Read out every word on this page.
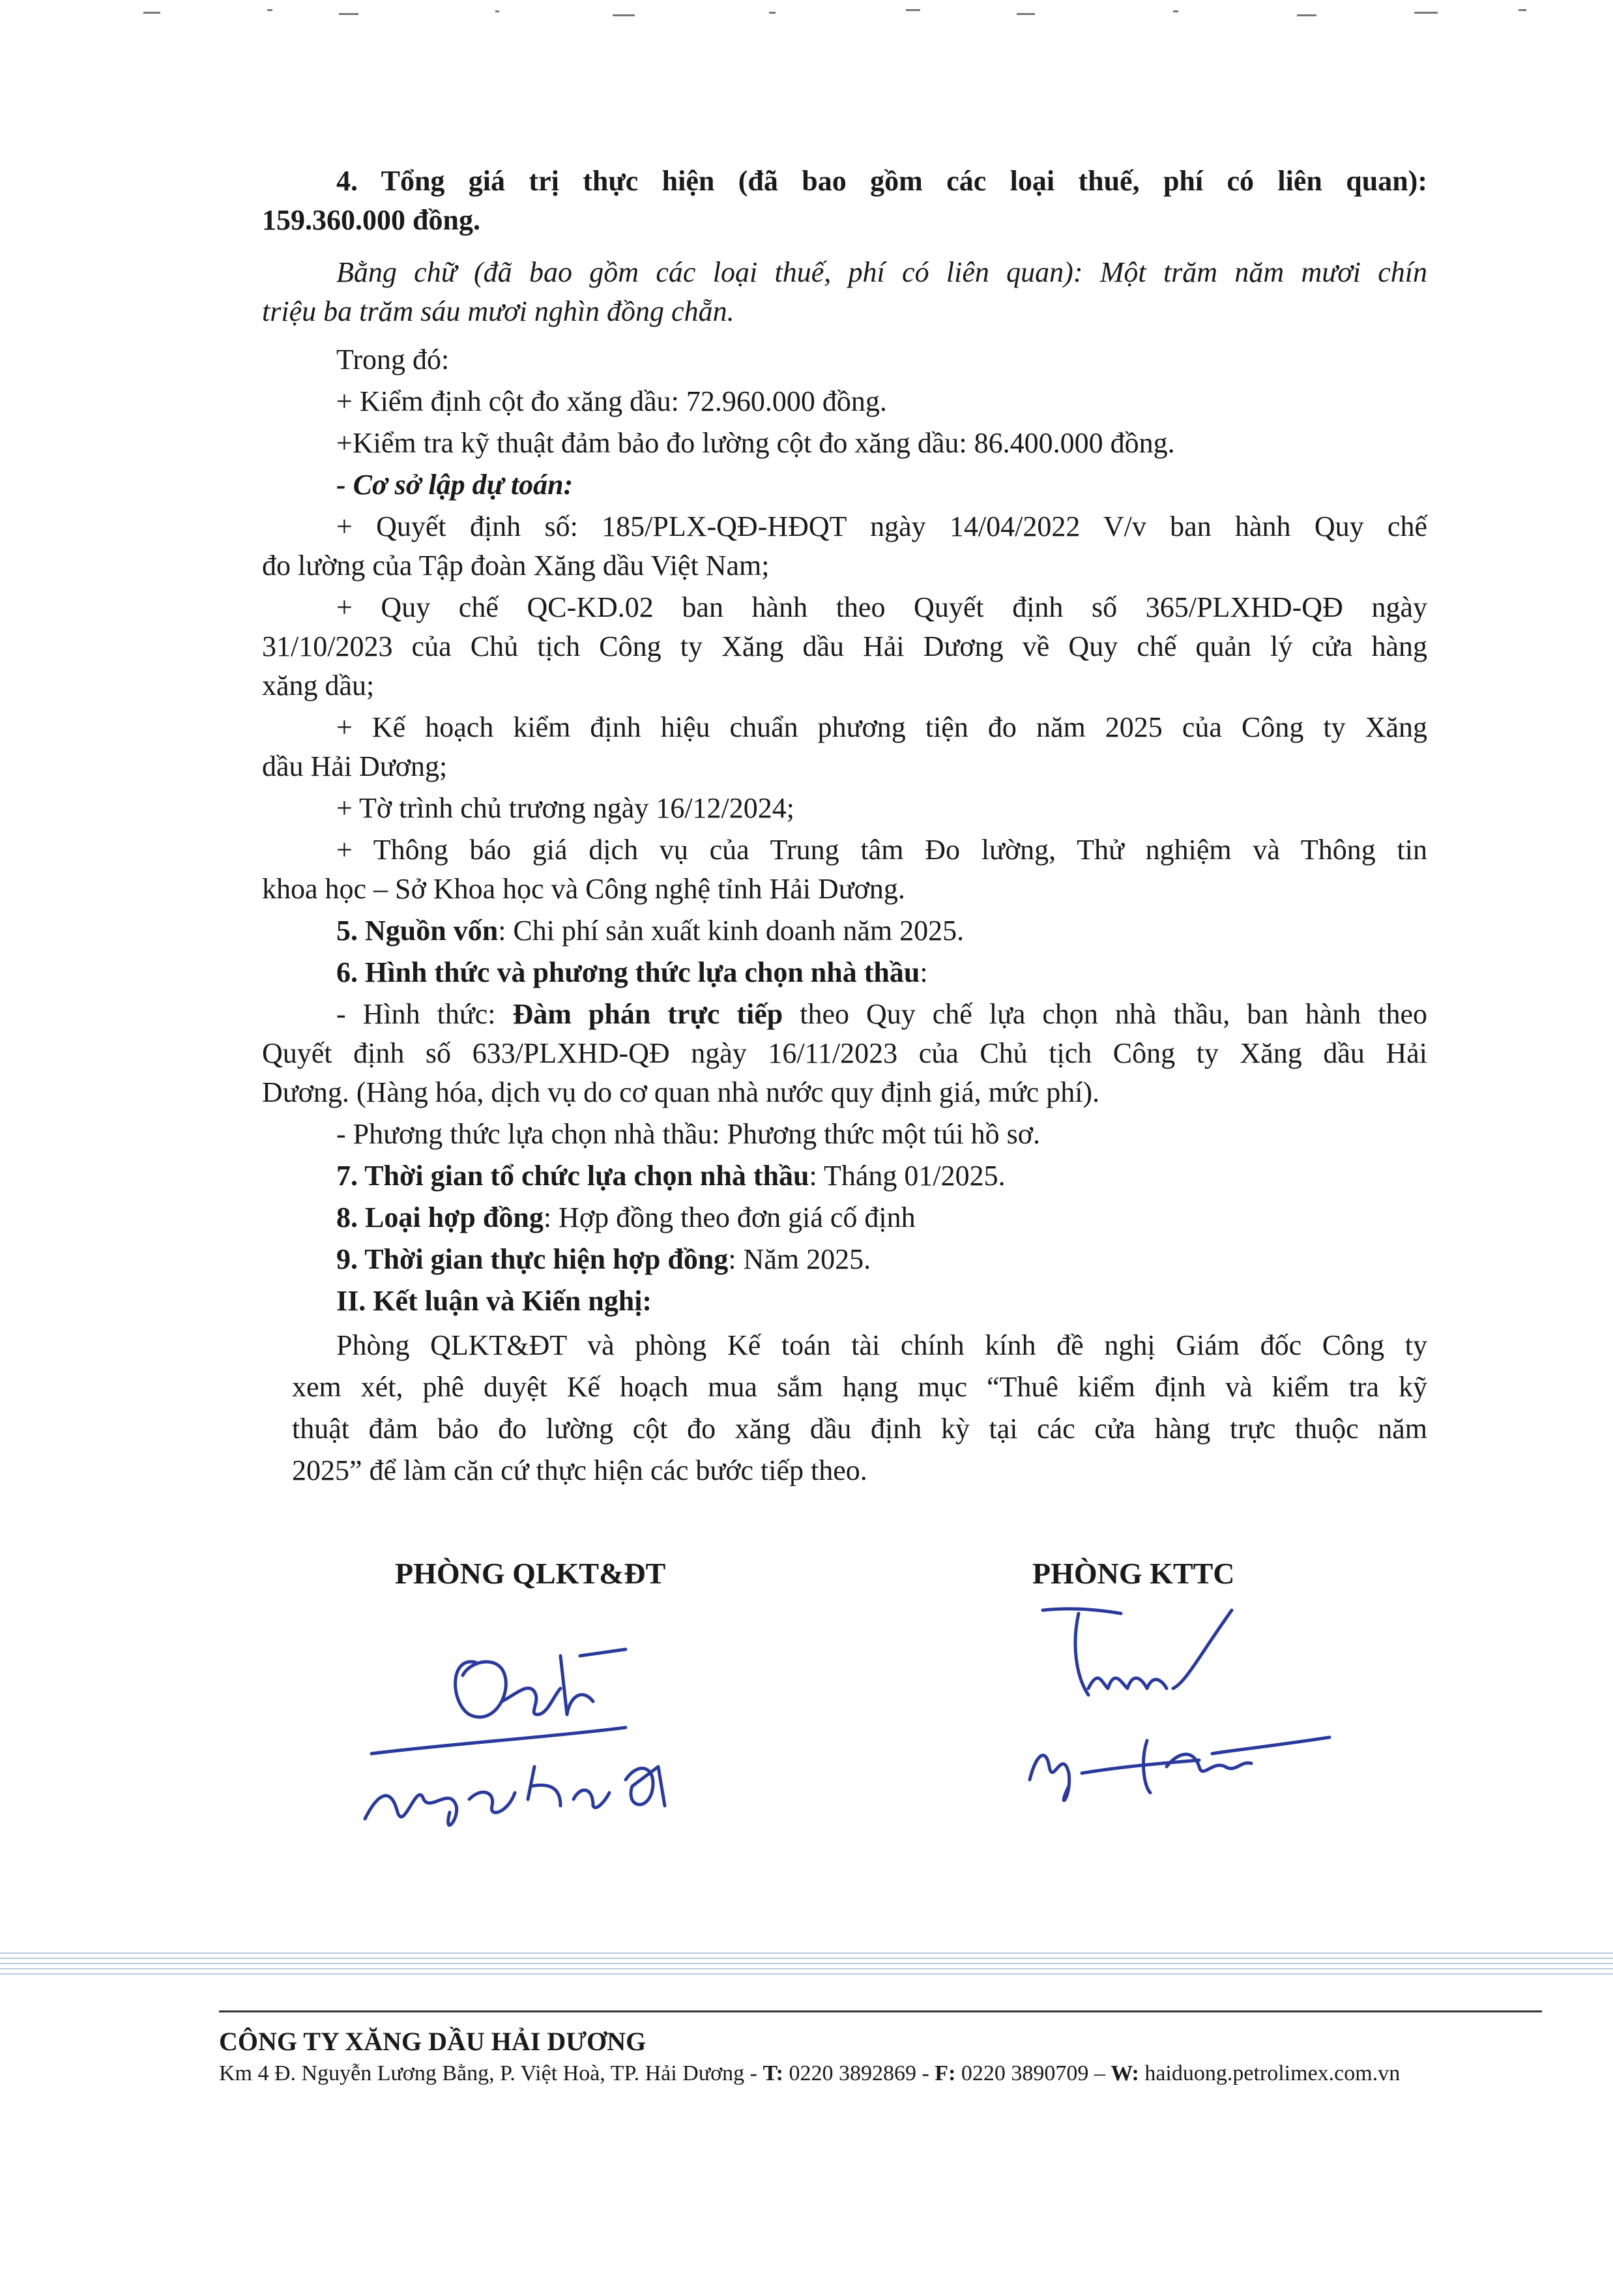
4. Tổng giá trị thực hiện (đã bao gồm các loại thuế, phí có liên quan):
159.360.000 đồng.
Bằng chữ (đã bao gồm các loại thuế, phí có liên quan): Một trăm năm mươi chín
triệu ba trăm sáu mươi nghìn đồng chẵn.
Trong đó:
+ Kiểm định cột đo xăng dầu: 72.960.000 đồng.
+Kiểm tra kỹ thuật đảm bảo đo lường cột đo xăng dầu: 86.400.000 đồng.
- Cơ sở lập dự toán:
+ Quyết định số: 185/PLX-QĐ-HĐQT ngày 14/04/2022 V/v ban hành Quy chế
đo lường của Tập đoàn Xăng dầu Việt Nam;
+ Quy chế QC-KD.02 ban hành theo Quyết định số 365/PLXHD-QĐ ngày
31/10/2023 của Chủ tịch Công ty Xăng dầu Hải Dương về Quy chế quản lý cửa hàng
xăng dầu;
+ Kế hoạch kiểm định hiệu chuẩn phương tiện đo năm 2025 của Công ty Xăng
dầu Hải Dương;
+ Tờ trình chủ trương ngày 16/12/2024;
+ Thông báo giá dịch vụ của Trung tâm Đo lường, Thử nghiệm và Thông tin
khoa học – Sở Khoa học và Công nghệ tỉnh Hải Dương.
5. Nguồn vốn: Chi phí sản xuất kinh doanh năm 2025.
6. Hình thức và phương thức lựa chọn nhà thầu:
- Hình thức: Đàm phán trực tiếp theo Quy chế lựa chọn nhà thầu, ban hành theo
Quyết định số 633/PLXHD-QĐ ngày 16/11/2023 của Chủ tịch Công ty Xăng dầu Hải
Dương. (Hàng hóa, dịch vụ do cơ quan nhà nước quy định giá, mức phí).
- Phương thức lựa chọn nhà thầu: Phương thức một túi hồ sơ.
7. Thời gian tổ chức lựa chọn nhà thầu: Tháng 01/2025.
8. Loại hợp đồng: Hợp đồng theo đơn giá cố định
9. Thời gian thực hiện hợp đồng: Năm 2025.
II. Kết luận và Kiến nghị:
Phòng QLKT&ĐT và phòng Kế toán tài chính kính đề nghị Giám đốc Công ty
xem xét, phê duyệt Kế hoạch mua sắm hạng mục “Thuê kiểm định và kiểm tra kỹ
thuật đảm bảo đo lường cột đo xăng dầu định kỳ tại các cửa hàng trực thuộc năm
2025” để làm căn cứ thực hiện các bước tiếp theo.
PHÒNG QLKT&ĐT	PHÒNG KTTC
CÔNG TY XĂNG DẦU HẢI DƯƠNG
Km 4 Đ. Nguyễn Lương Bằng, P. Việt Hoà, TP. Hải Dương - T: 0220 3892869 - F: 0220 3890709 – W: haiduong.petrolimex.com.vn
